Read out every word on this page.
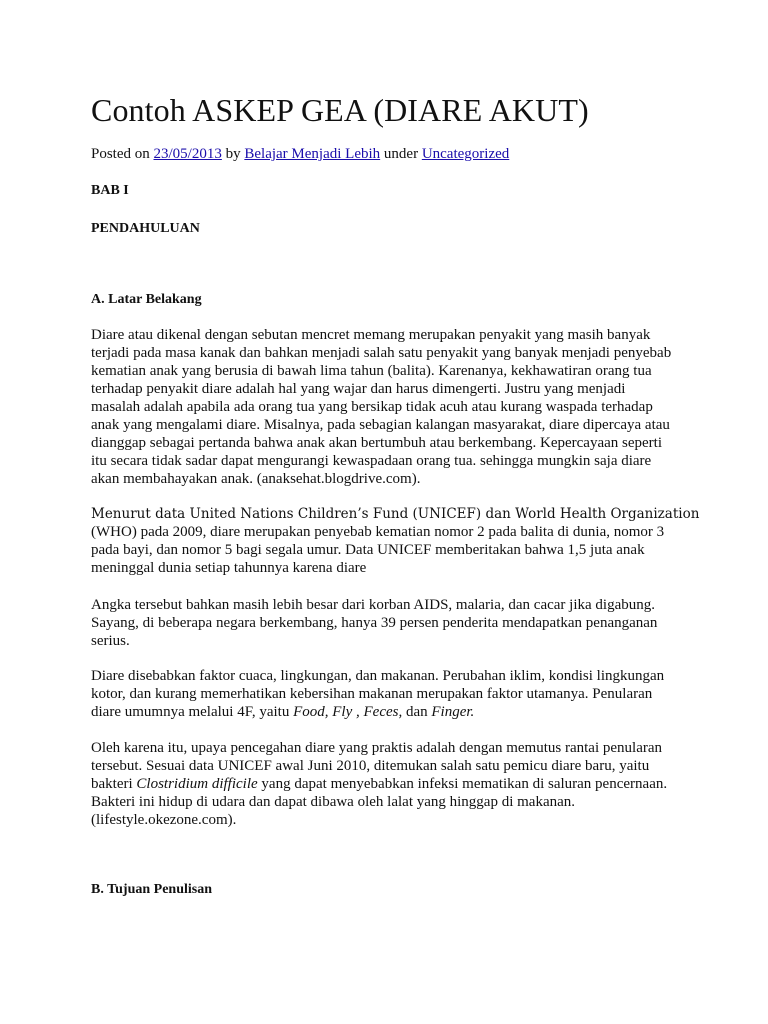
Contoh ASKEP GEA (DIARE AKUT)
Posted on 23/05/2013 by Belajar Menjadi Lebih under Uncategorized
BAB I
PENDAHULUAN
A. Latar Belakang
Diare atau dikenal dengan sebutan mencret memang merupakan penyakit yang masih banyak
terjadi pada masa kanak dan bahkan menjadi salah satu penyakit yang banyak menjadi penyebab
kematian anak yang berusia di bawah lima tahun (balita). Karenanya, kekhawatiran orang tua
terhadap penyakit diare adalah hal yang wajar dan harus dimengerti. Justru yang menjadi
masalah adalah apabila ada orang tua yang bersikap tidak acuh atau kurang waspada terhadap
anak yang mengalami diare. Misalnya, pada sebagian kalangan masyarakat, diare dipercaya atau
dianggap sebagai pertanda bahwa anak akan bertumbuh atau berkembang. Kepercayaan seperti
itu secara tidak sadar dapat mengurangi kewaspadaan orang tua. sehingga mungkin saja diare
akan membahayakan anak. (anaksehat.blogdrive.com).
Menurut data United Nations Children’s Fund (UNICEF) dan World Health Organization
(WHO) pada 2009, diare merupakan penyebab kematian nomor 2 pada balita di dunia, nomor 3
pada bayi, dan nomor 5 bagi segala umur. Data UNICEF memberitakan bahwa 1,5 juta anak
meninggal dunia setiap tahunnya karena diare
Angka tersebut bahkan masih lebih besar dari korban AIDS, malaria, dan cacar jika digabung.
Sayang, di beberapa negara berkembang, hanya 39 persen penderita mendapatkan penanganan
serius.
Diare disebabkan faktor cuaca, lingkungan, dan makanan. Perubahan iklim, kondisi lingkungan
kotor, dan kurang memerhatikan kebersihan makanan merupakan faktor utamanya. Penularan
diare umumnya melalui 4F, yaitu Food, Fly , Feces, dan Finger.
Oleh karena itu, upaya pencegahan diare yang praktis adalah dengan memutus rantai penularan
tersebut. Sesuai data UNICEF awal Juni 2010, ditemukan salah satu pemicu diare baru, yaitu
bakteri Clostridium difficile yang dapat menyebabkan infeksi mematikan di saluran pencernaan.
Bakteri ini hidup di udara dan dapat dibawa oleh lalat yang hinggap di makanan.
(lifestyle.okezone.com).
B. Tujuan Penulisan
